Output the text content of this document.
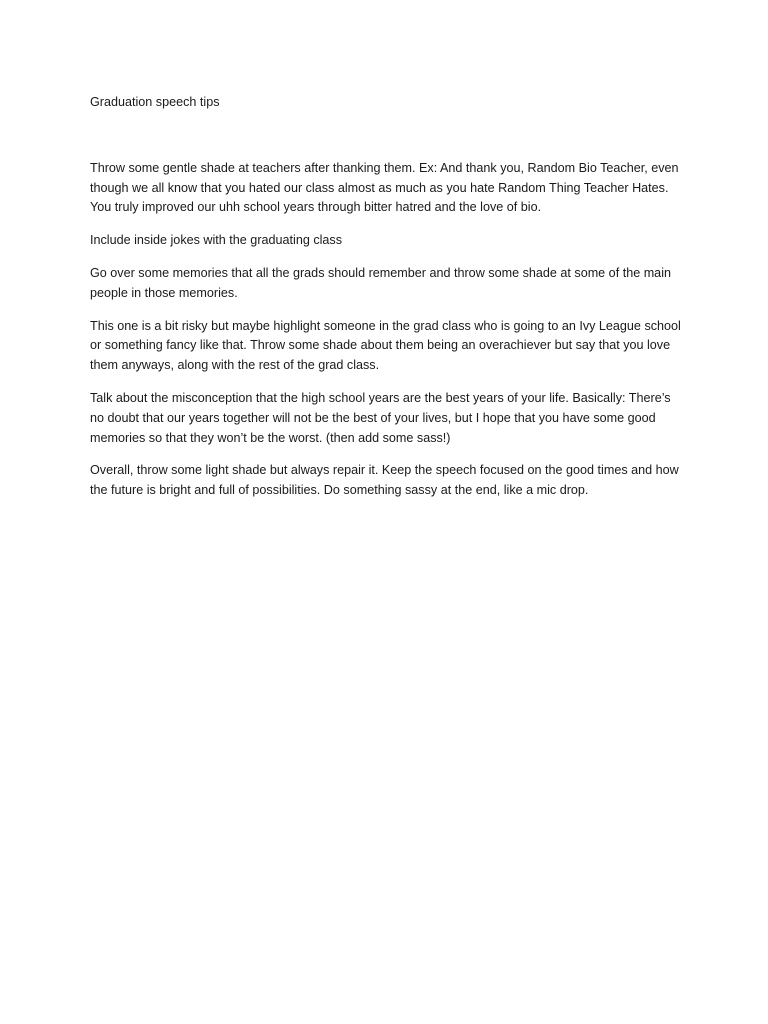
Graduation speech tips

Throw some gentle shade at teachers after thanking them. Ex: And thank you, Random Bio Teacher, even though we all know that you hated our class almost as much as you hate Random Thing Teacher Hates. You truly improved our uhh school years through bitter hatred and the love of bio.

Include inside jokes with the graduating class

Go over some memories that all the grads should remember and throw some shade at some of the main people in those memories.

This one is a bit risky but maybe highlight someone in the grad class who is going to an Ivy League school or something fancy like that. Throw some shade about them being an overachiever but say that you love them anyways, along with the rest of the grad class.

Talk about the misconception that the high school years are the best years of your life. Basically: There’s no doubt that our years together will not be the best of your lives, but I hope that you have some good memories so that they won’t be the worst. (then add some sass!)

Overall, throw some light shade but always repair it. Keep the speech focused on the good times and how the future is bright and full of possibilities. Do something sassy at the end, like a mic drop.
